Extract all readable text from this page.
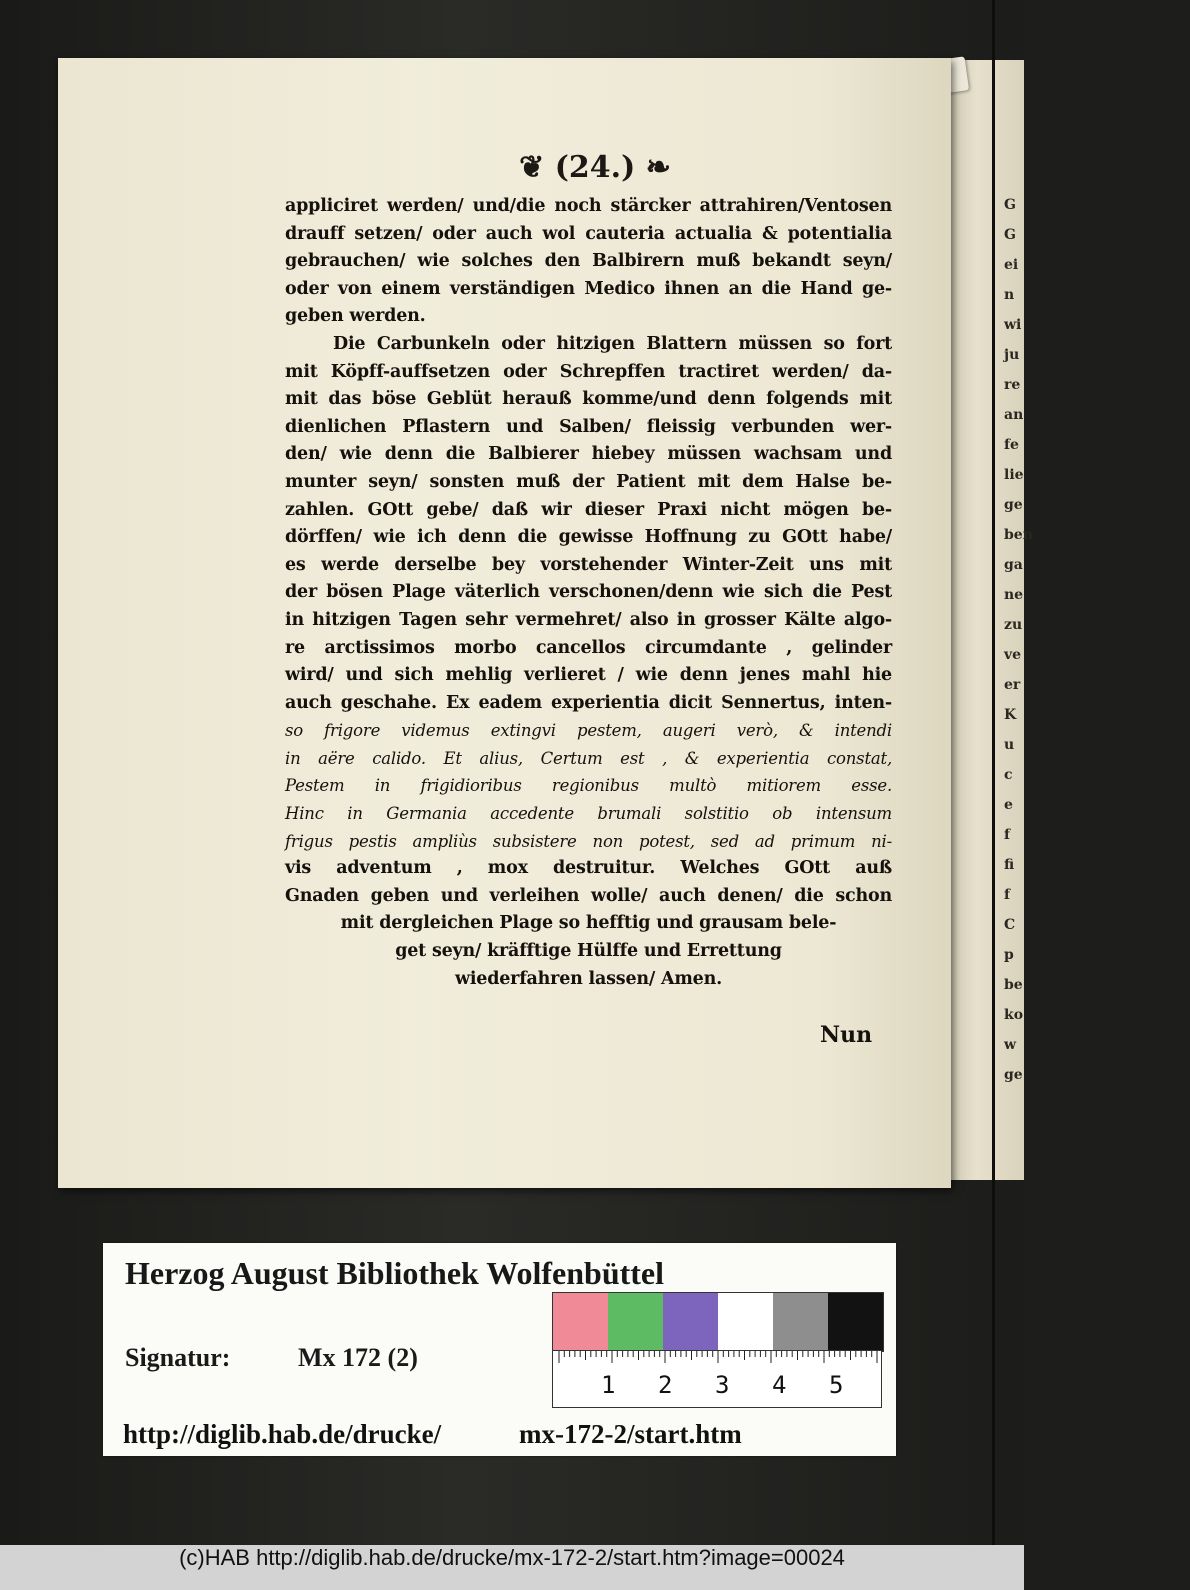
G
G
ei
n
wi
ju
re
an
fe
lie
ge
ben
ga
ne
zu
ve
er
K
u
c
e
f
fi
f
C
p
be
ko
w
ge
❦ (24.) ❧
appliciret werden/ und/die noch stärcker attrahiren/Ventosen
drauff setzen/ oder auch wol cauteria actualia & potentialia
gebrauchen/ wie solches den Balbirern muß bekandt seyn/
oder von einem verständigen Medico ihnen an die Hand ge-
geben werden.
Die Carbunkeln oder hitzigen Blattern müssen so fort
mit Köpff-auffsetzen oder Schrepffen tractiret werden/ da-
mit das böse Geblüt herauß komme/und denn folgends mit
dienlichen Pflastern und Salben/ fleissig verbunden wer-
den/ wie denn die Balbierer hiebey müssen wachsam und
munter seyn/ sonsten muß der Patient mit dem Halse be-
zahlen. GOtt gebe/ daß wir dieser Praxi nicht mögen be-
dörffen/ wie ich denn die gewisse Hoffnung zu GOtt habe/
es werde derselbe bey vorstehender Winter-Zeit uns mit
der bösen Plage väterlich verschonen/denn wie sich die Pest
in hitzigen Tagen sehr vermehret/ also in grosser Kälte algo-
re arctissimos morbo cancellos circumdante , gelinder
wird/ und sich mehlig verlieret / wie denn jenes mahl hie
auch geschahe. Ex eadem experientia dicit Sennertus, inten-
so frigore videmus extingvi pestem, augeri verò, & intendi
in aëre calido. Et alius, Certum est , & experientia constat,
Pestem in frigidioribus regionibus multò mitiorem esse.
Hinc in Germania accedente brumali solstitio ob intensum
frigus pestis ampliùs subsistere non potest, sed ad primum ni-
vis adventum , mox destruitur. Welches GOtt auß
Gnaden geben und verleihen wolle/ auch denen/ die schon
mit dergleichen Plage so hefftig und grausam bele-
get seyn/ kräfftige Hülffe und Errettung
wiederfahren lassen/ Amen.
Nun
Herzog August Bibliothek Wolfenbüttel
Signatur:	Mx 172 (2)
1 2 3 4 5
http://diglib.hab.de/drucke/	mx-172-2/start.htm
(c)HAB http://diglib.hab.de/drucke/mx-172-2/start.htm?image=00024
